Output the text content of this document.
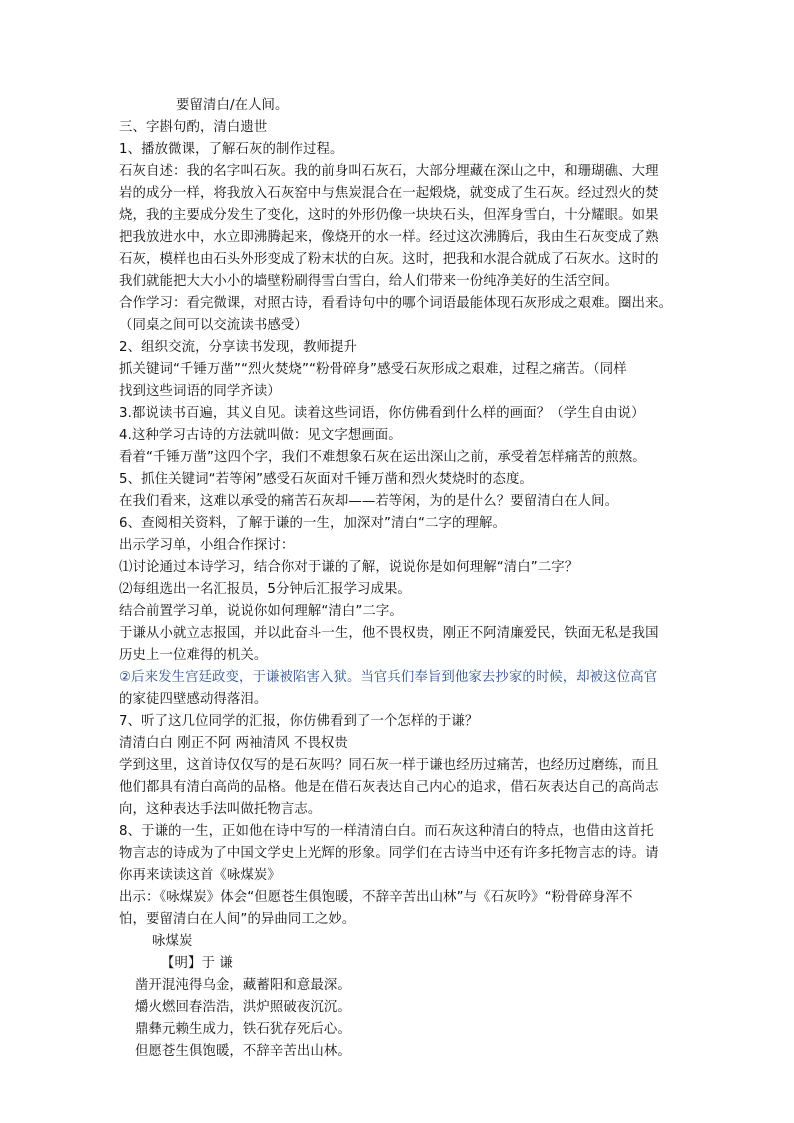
要留清白/在人间。
三、字斟句酌，清白遗世
1、播放微课，了解石灰的制作过程。
石灰自述：我的名字叫石灰。我的前身叫石灰石，大部分埋藏在深山之中，和珊瑚礁、大理
岩的成分一样，将我放入石灰窑中与焦炭混合在一起煅烧，就变成了生石灰。经过烈火的焚
烧，我的主要成分发生了变化，这时的外形仍像一块块石头，但浑身雪白，十分耀眼。如果
把我放进水中，水立即沸腾起来，像烧开的水一样。经过这次沸腾后，我由生石灰变成了熟
石灰，模样也由石头外形变成了粉末状的白灰。这时，把我和水混合就成了石灰水。这时的
我们就能把大大小小的墙壁粉刷得雪白雪白，给人们带来一份纯净美好的生活空间。
合作学习：看完微课，对照古诗，看看诗句中的哪个词语最能体现石灰形成之艰难。圈出来。
（同桌之间可以交流读书感受）
2、组织交流，分享读书发现，教师提升
抓关键词“千锤万凿”“烈火焚烧”“粉骨碎身”感受石灰形成之艰难，过程之痛苦。（同样
找到这些词语的同学齐读）
3.都说读书百遍，其义自见。读着这些词语，你仿佛看到什么样的画面？（学生自由说）
4.这种学习古诗的方法就叫做：见文字想画面。
看着“千锤万凿”这四个字，我们不难想象石灰在运出深山之前，承受着怎样痛苦的煎熬。
5、抓住关键词“若等闲”感受石灰面对千锤万凿和烈火焚烧时的态度。
在我们看来，这难以承受的痛苦石灰却——若等闲，为的是什么？要留清白在人间。
6、查阅相关资料，了解于谦的一生，加深对”清白“二字的理解。
出示学习单，小组合作探讨：
⑴讨论通过本诗学习，结合你对于谦的了解，说说你是如何理解“清白”二字？
⑵每组选出一名汇报员，5分钟后汇报学习成果。
结合前置学习单，说说你如何理解“清白”二字。
于谦从小就立志报国，并以此奋斗一生，他不畏权贵，刚正不阿清廉爱民，铁面无私是我国
历史上一位难得的机关。
②后来发生宫廷政变，于谦被陷害入狱。当官兵们奉旨到他家去抄家的时候，却被这位高官
的家徒四壁感动得落泪。
7、听了这几位同学的汇报，你仿佛看到了一个怎样的于谦？
清清白白 刚正不阿 两袖清风 不畏权贵
学到这里，这首诗仅仅写的是石灰吗？同石灰一样于谦也经历过痛苦，也经历过磨练，而且
他们都具有清白高尚的品格。他是在借石灰表达自己内心的追求，借石灰表达自己的高尚志
向，这种表达手法叫做托物言志。
8、于谦的一生，正如他在诗中写的一样清清白白。而石灰这种清白的特点，也借由这首托
物言志的诗成为了中国文学史上光辉的形象。同学们在古诗当中还有许多托物言志的诗。请
你再来读读这首《咏煤炭》
出示：《咏煤炭》体会“但愿苍生俱饱暖，不辞辛苦出山林”与《石灰吟》“粉骨碎身浑不
怕，要留清白在人间”的异曲同工之妙。
咏煤炭
【明】于 谦
凿开混沌得乌金，藏蓄阳和意最深。
爝火燃回春浩浩，洪炉照破夜沉沉。
鼎彝元赖生成力，铁石犹存死后心。
但愿苍生俱饱暖，不辞辛苦出山林。
